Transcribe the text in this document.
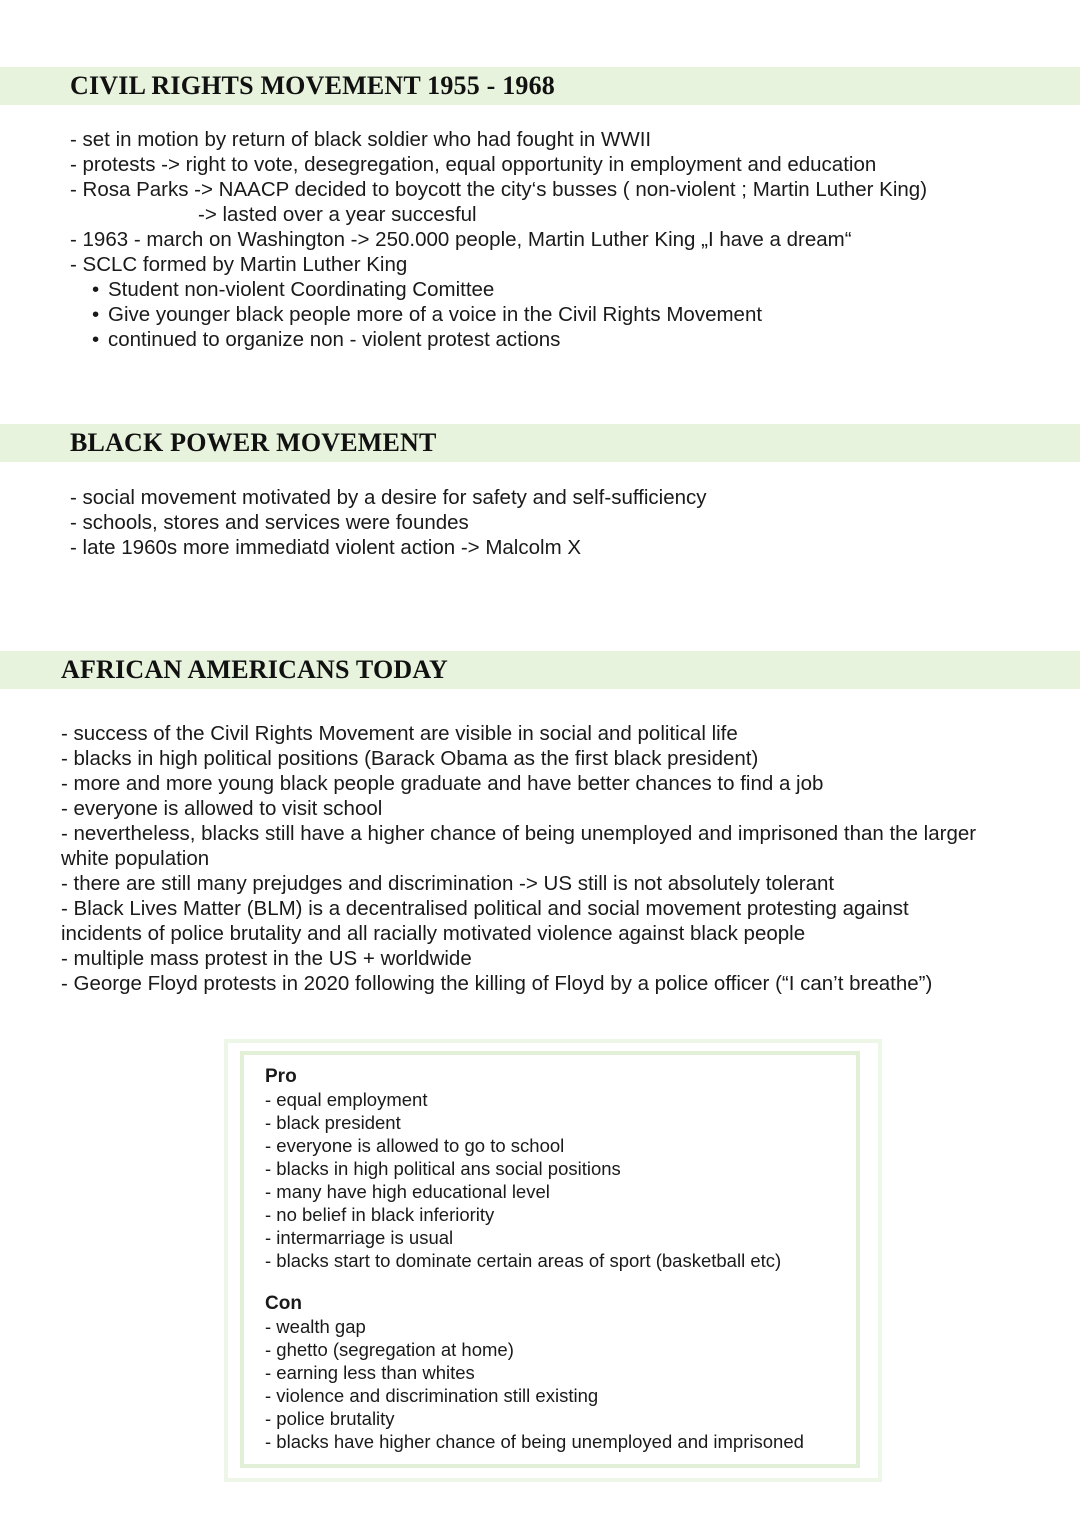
CIVIL RIGHTS MOVEMENT 1955 - 1968
- set in motion by return of black soldier who had fought in WWII
- protests -> right to vote, desegregation, equal opportunity in employment and education
- Rosa Parks -> NAACP decided to boycott the city‘s busses ( non-violent ; Martin Luther King)
-> lasted over a year succesful
- 1963 - march on Washington -> 250.000 people, Martin Luther King „I have a dream“
- SCLC formed by Martin Luther King
• Student non-violent Coordinating Comittee
• Give younger black people more of a voice in the Civil Rights Movement
• continued to organize non - violent protest actions
BLACK POWER MOVEMENT
- social movement motivated by a desire for safety and self-sufficiency
- schools, stores and services were foundes
- late 1960s more immediatd violent action -> Malcolm X
AFRICAN AMERICANS TODAY
- success of the Civil Rights Movement are visible in social and political life
- blacks in high political positions (Barack Obama as the first black president)
- more and more young black people graduate and have better chances to find a job
- everyone is allowed to visit school
- nevertheless, blacks still have a higher chance of being unemployed and imprisoned than the larger white population
- there are still many prejudges and discrimination -> US still is not absolutely tolerant
- Black Lives Matter (BLM) is a decentralised political and social movement protesting against incidents of police brutality and all racially motivated violence against black people
- multiple mass protest in the US + worldwide
- George Floyd protests in 2020 following the killing of Floyd by a police officer (“I can’t breathe”)
Pro
- equal employment
- black president
- everyone is allowed to go to school
- blacks in high political ans social positions
- many have high educational level
- no belief in black inferiority
- intermarriage is usual
- blacks start to dominate certain areas of sport (basketball etc)
Con
- wealth gap
- ghetto (segregation at home)
- earning less than whites
- violence and discrimination still existing
- police brutality
- blacks have higher chance of being unemployed and imprisoned
